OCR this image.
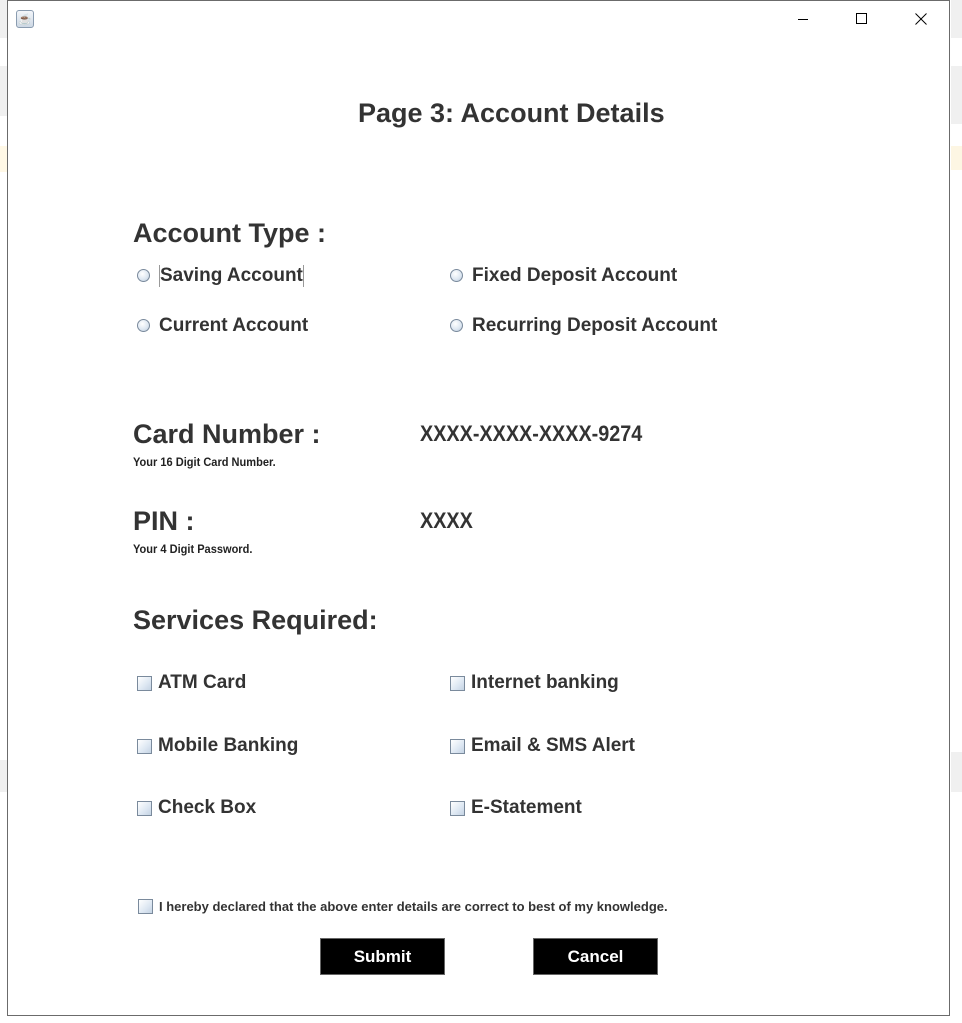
☕
Page 3: Account Details
Account Type :
Saving Account	Fixed Deposit Account
Current Account	Recurring Deposit Account
Card Number :
Your 16 Digit Card Number.
XXXX-XXXX-XXXX-9274
PIN :
Your 4 Digit Password.
XXXX
Services Required:
ATM Card	Internet banking
Mobile Banking	Email & SMS Alert
Check Box	E-Statement
I hereby declared that the above enter details are correct to best of my knowledge.
Submit	Cancel
